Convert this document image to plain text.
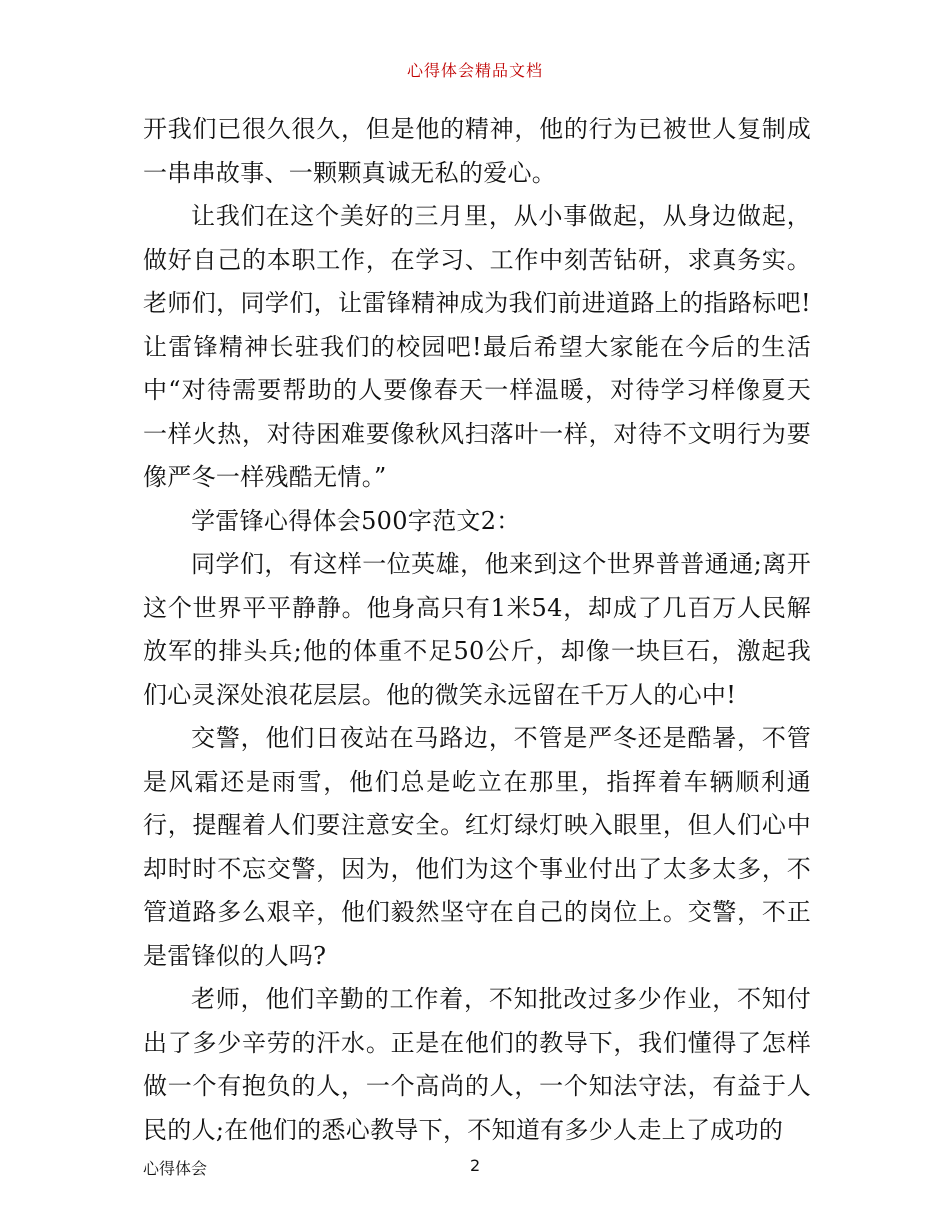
心得体会精品文档

开我们已很久很久，但是他的精神，他的行为已被世人复制成一串串故事、一颗颗真诚无私的爱心。

让我们在这个美好的三月里，从小事做起，从身边做起，做好自己的本职工作，在学习、工作中刻苦钻研，求真务实。老师们，同学们，让雷锋精神成为我们前进道路上的指路标吧!让雷锋精神长驻我们的校园吧!最后希望大家能在今后的生活中“对待需要帮助的人要像春天一样温暖，对待学习样像夏天一样火热，对待困难要像秋风扫落叶一样，对待不文明行为要像严冬一样残酷无情。”

学雷锋心得体会500字范文2：

同学们，有这样一位英雄，他来到这个世界普普通通;离开这个世界平平静静。他身高只有1米54，却成了几百万人民解放军的排头兵;他的体重不足50公斤，却像一块巨石，激起我们心灵深处浪花层层。他的微笑永远留在千万人的心中!

交警，他们日夜站在马路边，不管是严冬还是酷暑，不管是风霜还是雨雪，他们总是屹立在那里，指挥着车辆顺利通行，提醒着人们要注意安全。红灯绿灯映入眼里，但人们心中却时时不忘交警，因为，他们为这个事业付出了太多太多，不管道路多么艰辛，他们毅然坚守在自己的岗位上。交警，不正是雷锋似的人吗?

老师，他们辛勤的工作着，不知批改过多少作业，不知付出了多少辛劳的汗水。正是在他们的教导下，我们懂得了怎样做一个有抱负的人，一个高尚的人，一个知法守法，有益于人民的人;在他们的悉心教导下，不知道有多少人走上了成功的

心得体会	2
